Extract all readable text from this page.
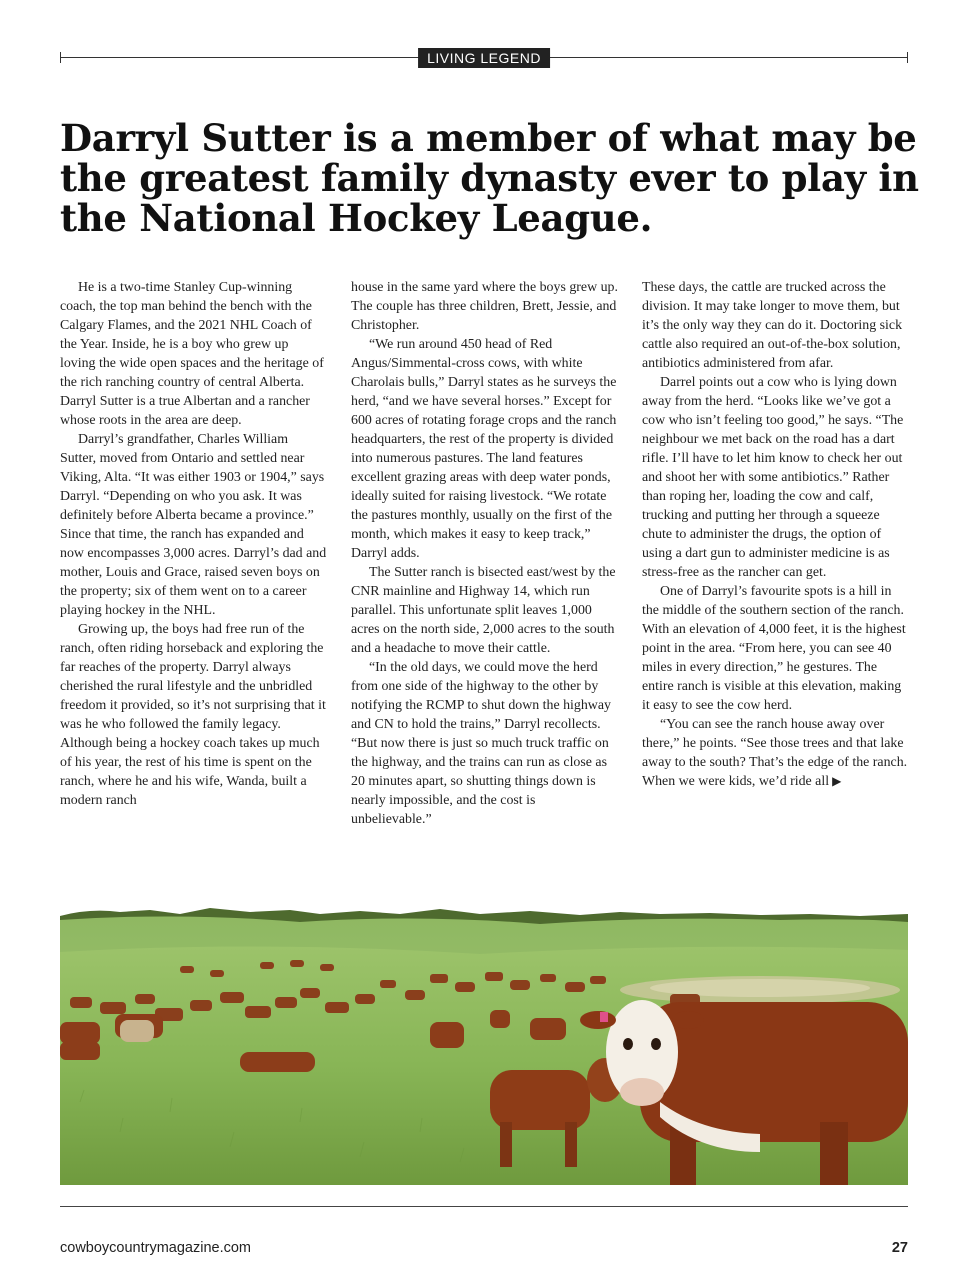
LIVING LEGEND
Darryl Sutter is a member of what may be the greatest family dynasty ever to play in the National Hockey League.

He is a two-time Stanley Cup-winning coach, the top man behind the bench with the Calgary Flames, and the 2021 NHL Coach of the Year. Inside, he is a boy who grew up loving the wide open spaces and the heritage of the rich ranching country of central Alberta. Darryl Sutter is a true Albertan and a rancher whose roots in the area are deep.

Darryl’s grandfather, Charles William Sutter, moved from Ontario and settled near Viking, Alta. “It was either 1903 or 1904,” says Darryl. “Depending on who you ask. It was definitely before Alberta became a province.” Since that time, the ranch has expanded and now encompasses 3,000 acres. Darryl’s dad and mother, Louis and Grace, raised seven boys on the property; six of them went on to a career playing hockey in the NHL.

Growing up, the boys had free run of the ranch, often riding horseback and exploring the far reaches of the property. Darryl always cherished the rural lifestyle and the unbridled freedom it provided, so it’s not surprising that it was he who followed the family legacy. Although being a hockey coach takes up much of his year, the rest of his time is spent on the ranch, where he and his wife, Wanda, built a modern ranch

house in the same yard where the boys grew up. The couple has three children, Brett, Jessie, and Christopher.

“We run around 450 head of Red Angus/Simmental-cross cows, with white Charolais bulls,” Darryl states as he surveys the herd, “and we have several horses.” Except for 600 acres of rotating forage crops and the ranch headquarters, the rest of the property is divided into numerous pastures. The land features excellent grazing areas with deep water ponds, ideally suited for raising livestock. “We rotate the pastures monthly, usually on the first of the month, which makes it easy to keep track,” Darryl adds.

The Sutter ranch is bisected east/west by the CNR mainline and Highway 14, which run parallel. This unfortunate split leaves 1,000 acres on the north side, 2,000 acres to the south and a headache to move their cattle.

“In the old days, we could move the herd from one side of the highway to the other by notifying the RCMP to shut down the highway and CN to hold the trains,” Darryl recollects. “But now there is just so much truck traffic on the highway, and the trains can run as close as 20 minutes apart, so shutting things down is nearly impossible, and the cost is unbelievable.”

These days, the cattle are trucked across the division. It may take longer to move them, but it’s the only way they can do it. Doctoring sick cattle also required an out-of-the-box solution, antibiotics administered from afar.

Darrel points out a cow who is lying down away from the herd. “Looks like we’ve got a cow who isn’t feeling too good,” he says. “The neighbour we met back on the road has a dart rifle. I’ll have to let him know to check her out and shoot her with some antibiotics.” Rather than roping her, loading the cow and calf, trucking and putting her through a squeeze chute to administer the drugs, the option of using a dart gun to administer medicine is as stress-free as the rancher can get.

One of Darryl’s favourite spots is a hill in the middle of the southern section of the ranch. With an elevation of 4,000 feet, it is the highest point in the area. “From here, you can see 40 miles in every direction,” he gestures. The entire ranch is visible at this elevation, making it easy to see the cow herd.

“You can see the ranch house away over there,” he points. “See those trees and that lake away to the south? That’s the edge of the ranch. When we were kids, we’d ride all ▶

cowboycountrymagazine.com	27
